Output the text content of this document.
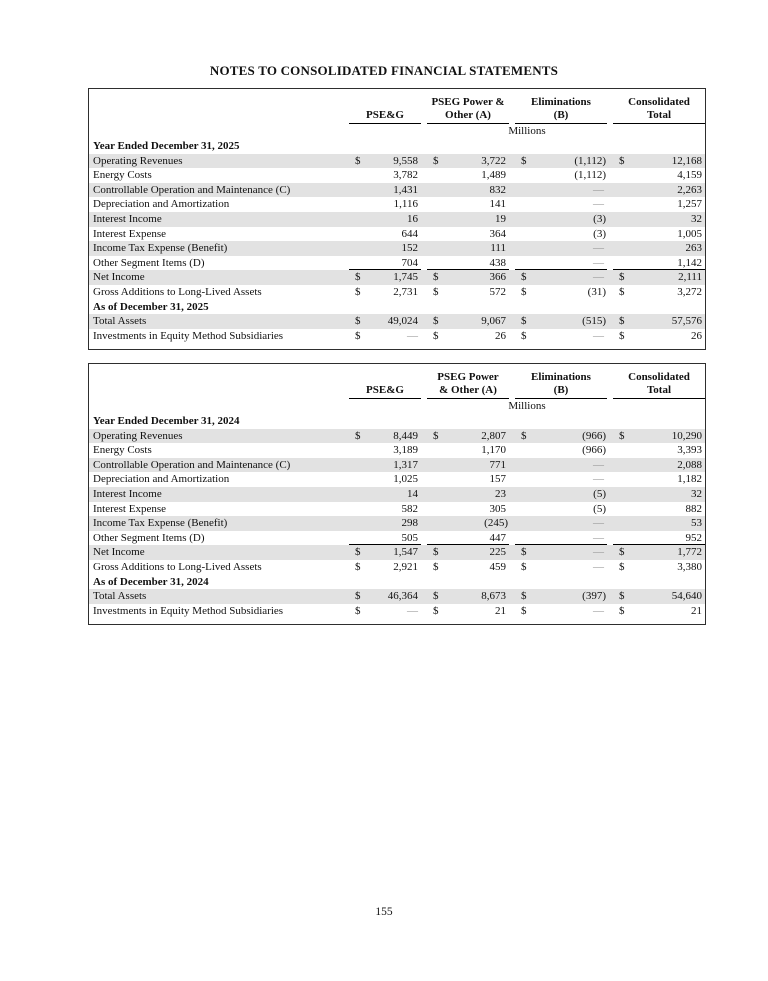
NOTES TO CONSOLIDATED FINANCIAL STATEMENTS
PSE&G
PSEG Power &
Other (A)
Eliminations
(B)
Consolidated
Total
Millions
Year Ended December 31, 2025
Operating Revenues	$	9,558 $	3,722 $	(1,112) $	12,168
Energy Costs	3,782	1,489	(1,112)	4,159
Controllable Operation and Maintenance (C)	1,431	832	—	2,263
Depreciation and Amortization	1,116	141	—	1,257
Interest Income	16	19	(3)	32
Interest Expense	644	364	(3)	1,005
Income Tax Expense (Benefit)	152	111	—	263
Other Segment Items (D)	704	438	—	1,142
Net Income	$	1,745 $	366 $	— $	2,111
Gross Additions to Long-Lived Assets	$	2,731 $	572 $	(31) $	3,272
As of December 31, 2025
Total Assets	$ 49,024 $	9,067 $	(515) $	57,576
Investments in Equity Method Subsidiaries	$	— $	26 $	— $	26
PSE&G
PSEG Power
& Other (A)
Eliminations
(B)
Consolidated
Total
Millions
Year Ended December 31, 2024
Operating Revenues	$	8,449 $	2,807 $	(966) $	10,290
Energy Costs	3,189	1,170	(966)	3,393
Controllable Operation and Maintenance (C)	1,317	771	—	2,088
Depreciation and Amortization	1,025	157	—	1,182
Interest Income	14	23	(5)	32
Interest Expense	582	305	(5)	882
Income Tax Expense (Benefit)	298	(245)	—	53
Other Segment Items (D)	505	447	—	952
Net Income	$	1,547 $	225 $	— $	1,772
Gross Additions to Long-Lived Assets	$	2,921 $	459 $	— $	3,380
As of December 31, 2024
Total Assets	$ 46,364 $	8,673 $	(397) $	54,640
Investments in Equity Method Subsidiaries	$	— $	21 $	— $	21
155
